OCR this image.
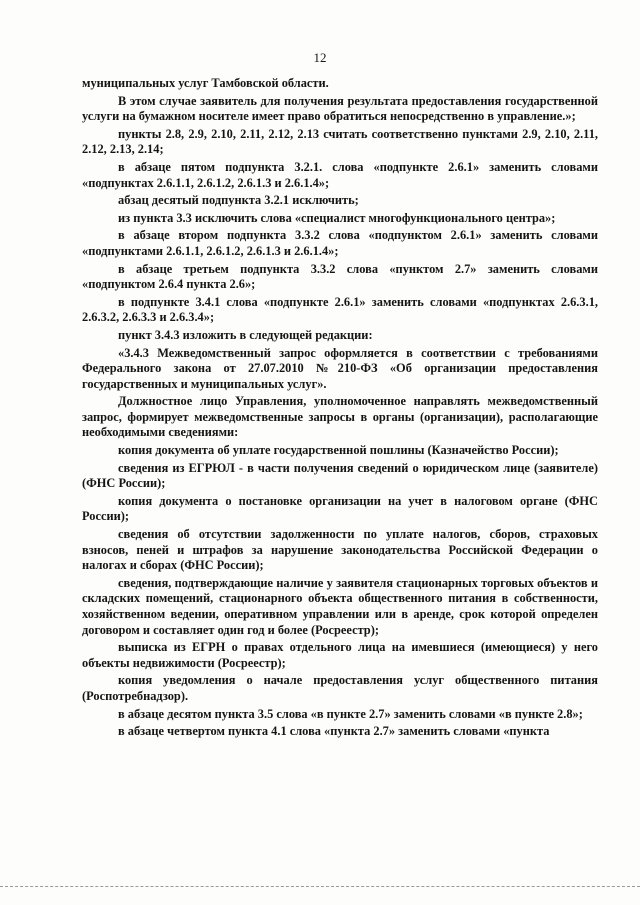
12

муниципальных услуг Тамбовской области.

В этом случае заявитель для получения результата предоставления государственной услуги на бумажном носителе имеет право обратиться непосредственно в управление.»;

пункты 2.8, 2.9, 2.10, 2.11, 2.12, 2.13 считать соответственно пунктами 2.9, 2.10, 2.11, 2.12, 2.13, 2.14;

в абзаце пятом подпункта 3.2.1. слова «подпункте 2.6.1» заменить словами «подпунктах 2.6.1.1, 2.6.1.2, 2.6.1.3 и 2.6.1.4»;

абзац десятый подпункта 3.2.1 исключить;

из пункта 3.3 исключить слова «специалист многофункционального центра»;

в абзаце втором подпункта 3.3.2 слова «подпунктом 2.6.1» заменить словами «подпунктами 2.6.1.1, 2.6.1.2, 2.6.1.3 и 2.6.1.4»;

в абзаце третьем подпункта 3.3.2 слова «пунктом 2.7» заменить словами «подпунктом 2.6.4 пункта 2.6»;

в подпункте 3.4.1 слова «подпункте 2.6.1» заменить словами «подпунктах 2.6.3.1, 2.6.3.2, 2.6.3.3 и 2.6.3.4»;

пункт 3.4.3 изложить в следующей редакции:

«3.4.3 Межведомственный запрос оформляется в соответствии с требованиями Федерального закона от 27.07.2010 №210-ФЗ «Об организации предоставления государственных и муниципальных услуг».

Должностное лицо Управления, уполномоченное направлять межведомственный запрос, формирует межведомственные запросы в органы (организации), располагающие необходимыми сведениями:

копия документа об уплате государственной пошлины (Казначейство России);

сведения из ЕГРЮЛ - в части получения сведений о юридическом лице (заявителе) (ФНС России);

копия документа о постановке организации на учет в налоговом органе (ФНС России);

сведения об отсутствии задолженности по уплате налогов, сборов, страховых взносов, пеней и штрафов за нарушение законодательства Российской Федерации о налогах и сборах (ФНС России);

сведения, подтверждающие наличие у заявителя стационарных торговых объектов и складских помещений, стационарного объекта общественного питания в собственности, хозяйственном ведении, оперативном управлении или в аренде, срок которой определен договором и составляет один год и более (Росреестр);

выписка из ЕГРН о правах отдельного лица на имевшиеся (имеющиеся) у него объекты недвижимости (Росреестр);

копия уведомления о начале предоставления услуг общественного питания (Роспотребнадзор).

в абзаце десятом пункта 3.5 слова «в пункте 2.7» заменить словами «в пункте 2.8»;

в абзаце четвертом пункта 4.1 слова «пункта 2.7» заменить словами «пункта
